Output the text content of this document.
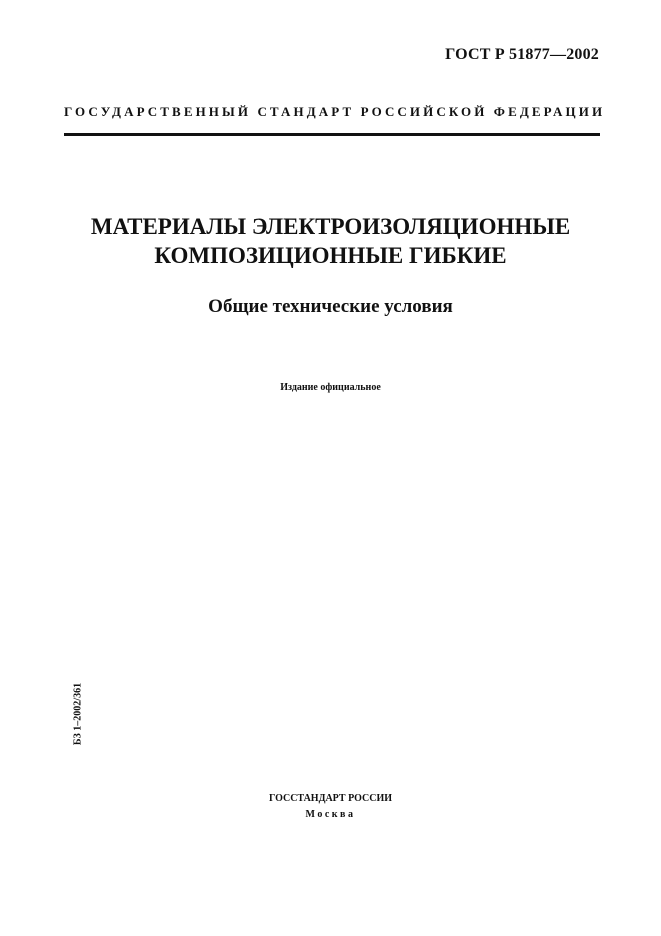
ГОСТ Р 51877—2002
ГОСУДАРСТВЕННЫЙ СТАНДАРТ РОССИЙСКОЙ ФЕДЕРАЦИИ
МАТЕРИАЛЫ ЭЛЕКТРОИЗОЛЯЦИОННЫЕ
КОМПОЗИЦИОННЫЕ ГИБКИЕ
Общие технические условия
Издание официальное
БЗ 1–2002/361
ГОССТАНДАРТ РОССИИ
Москва
